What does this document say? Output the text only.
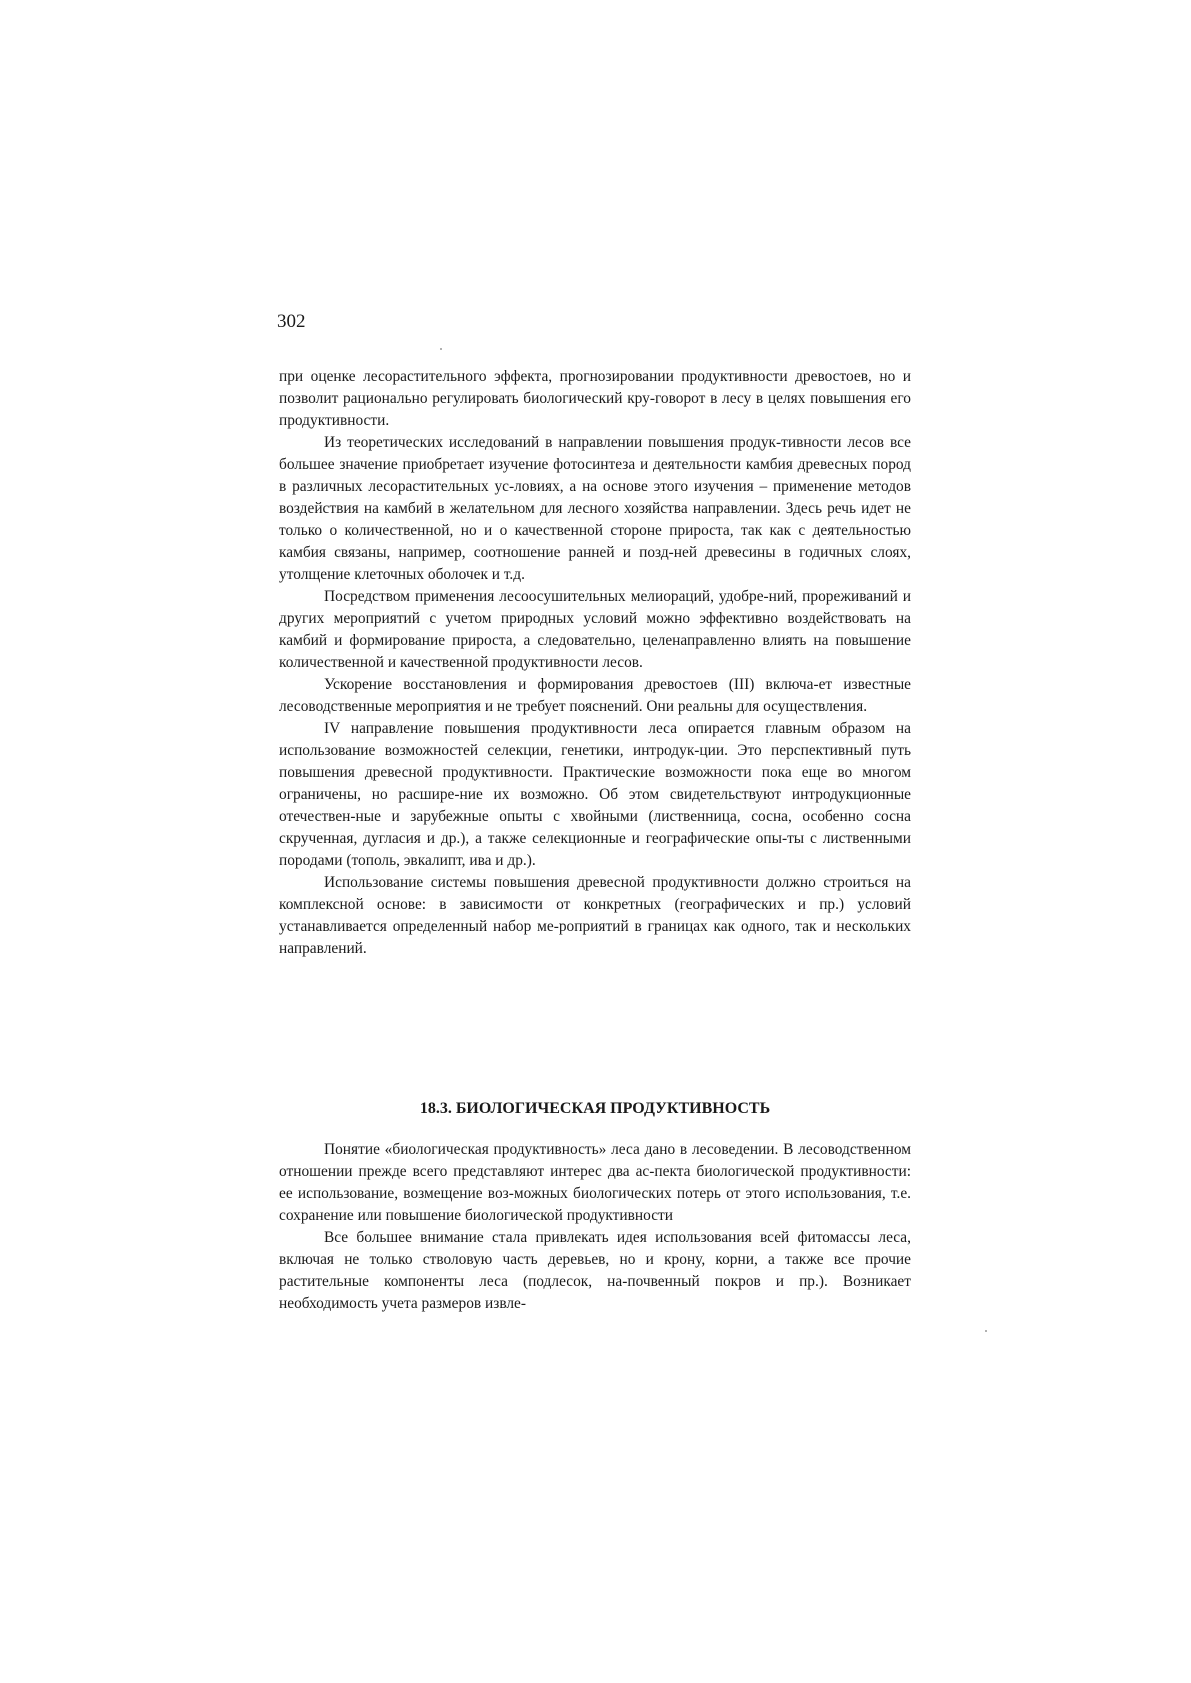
302

при оценке лесорастительного эффекта, прогнозировании продуктивности древостоев, но и позволит рационально регулировать биологический кру-говорот в лесу в целях повышения его продуктивности.

Из теоретических исследований в направлении повышения продук-тивности лесов все большее значение приобретает изучение фотосинтеза и деятельности камбия древесных пород в различных лесорастительных ус-ловиях, а на основе этого изучения – применение методов воздействия на камбий в желательном для лесного хозяйства направлении. Здесь речь идет не только о количественной, но и о качественной стороне прироста, так как с деятельностью камбия связаны, например, соотношение ранней и позд-ней древесины в годичных слоях, утолщение клеточных оболочек и т.д.

Посредством применения лесоосушительных мелиораций, удобре-ний, прореживаний и других мероприятий с учетом природных условий можно эффективно воздействовать на камбий и формирование прироста, а следовательно, целенаправленно влиять на повышение количественной и качественной продуктивности лесов.

Ускорение восстановления и формирования древостоев (III) включа-ет известные лесоводственные мероприятия и не требует пояснений. Они реальны для осуществления.

IV направление повышения продуктивности леса опирается главным образом на использование возможностей селекции, генетики, интродук-ции. Это перспективный путь повышения древесной продуктивности. Практические возможности пока еще во многом ограничены, но расшире-ние их возможно. Об этом свидетельствуют интродукционные отечествен-ные и зарубежные опыты с хвойными (лиственница, сосна, особенно сосна скрученная, дугласия и др.), а также селекционные и географические опы-ты с лиственными породами (тополь, эвкалипт, ива и др.).

Использование системы повышения древесной продуктивности должно строиться на комплексной основе: в зависимости от конкретных (географических и пр.) условий устанавливается определенный набор ме-роприятий в границах как одного, так и нескольких направлений.

18.3. БИОЛОГИЧЕСКАЯ ПРОДУКТИВНОСТЬ

Понятие «биологическая продуктивность» леса дано в лесоведении. В лесоводственном отношении прежде всего представляют интерес два ас-пекта биологической продуктивности: ее использование, возмещение воз-можных биологических потерь от этого использования, т.е. сохранение или повышение биологической продуктивности

Все большее внимание стала привлекать идея использования всей фитомассы леса, включая не только стволовую часть деревьев, но и крону, корни, а также все прочие растительные компоненты леса (подлесок, на-почвенный покров и пр.). Возникает необходимость учета размеров извле-
